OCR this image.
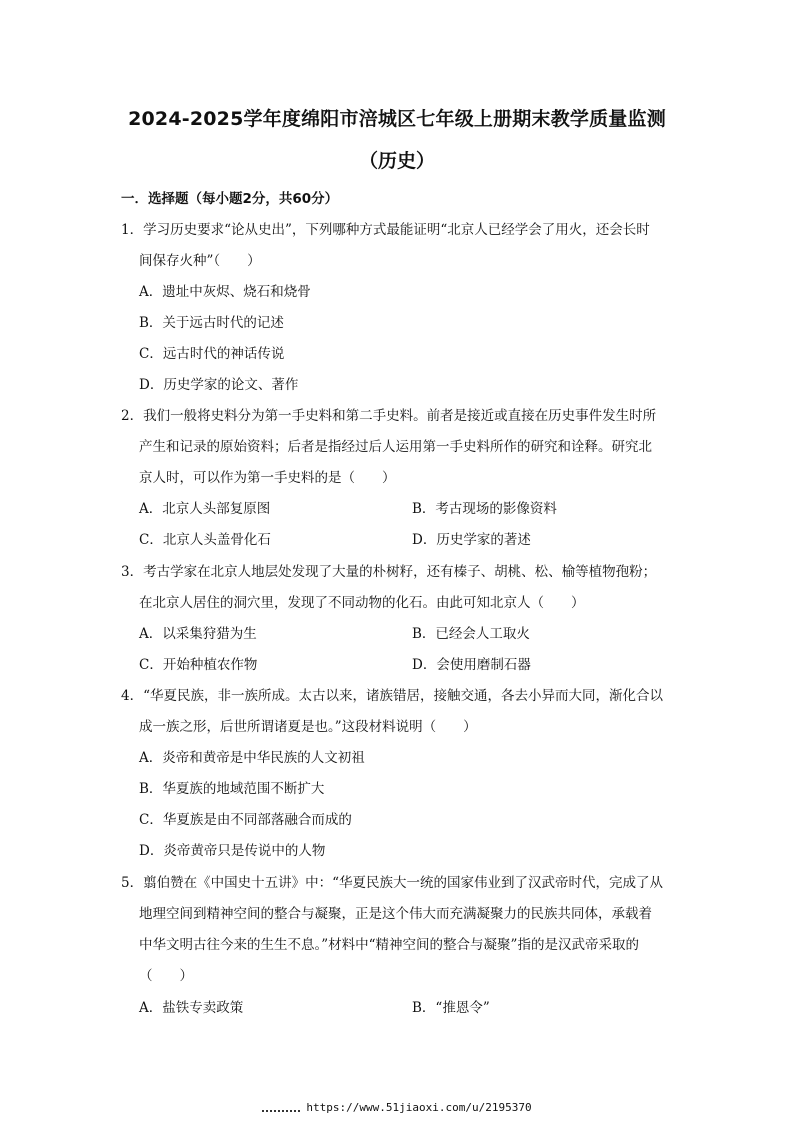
2024-2025学年度绵阳市涪城区七年级上册期末教学质量监测
（历史）
一．选择题（每小题2分，共60分）
1．学习历史要求“论从史出”，下列哪种方式最能证明“北京人已经学会了用火，还会长时
间保存火种”（　　）
A．遗址中灰烬、烧石和烧骨
B．关于远古时代的记述
C．远古时代的神话传说
D．历史学家的论文、著作
2．我们一般将史料分为第一手史料和第二手史料。前者是接近或直接在历史事件发生时所
产生和记录的原始资料；后者是指经过后人运用第一手史料所作的研究和诠释。研究北
京人时，可以作为第一手史料的是（　　）
A．北京人头部复原图	B．考古现场的影像资料
C．北京人头盖骨化石	D．历史学家的著述
3．考古学家在北京人地层处发现了大量的朴树籽，还有榛子、胡桃、松、榆等植物孢粉；
在北京人居住的洞穴里，发现了不同动物的化石。由此可知北京人（　　）
A．以采集狩猎为生	B．已经会人工取火
C．开始种植农作物	D．会使用磨制石器
4．“华夏民族，非一族所成。太古以来，诸族错居，接触交通，各去小异而大同，渐化合以
成一族之形，后世所谓诸夏是也。”这段材料说明（　　）
A．炎帝和黄帝是中华民族的人文初祖
B．华夏族的地域范围不断扩大
C．华夏族是由不同部落融合而成的
D．炎帝黄帝只是传说中的人物
5．翦伯赞在《中国史十五讲》中：“华夏民族大一统的国家伟业到了汉武帝时代，完成了从
地理空间到精神空间的整合与凝聚，正是这个伟大而充满凝聚力的民族共同体，承载着
中华文明古往今来的生生不息。”材料中“精神空间的整合与凝聚”指的是汉武帝采取的
（　　）
A．盐铁专卖政策	B．“推恩令”
https://www.51jiaoxi.com/u/2195370
